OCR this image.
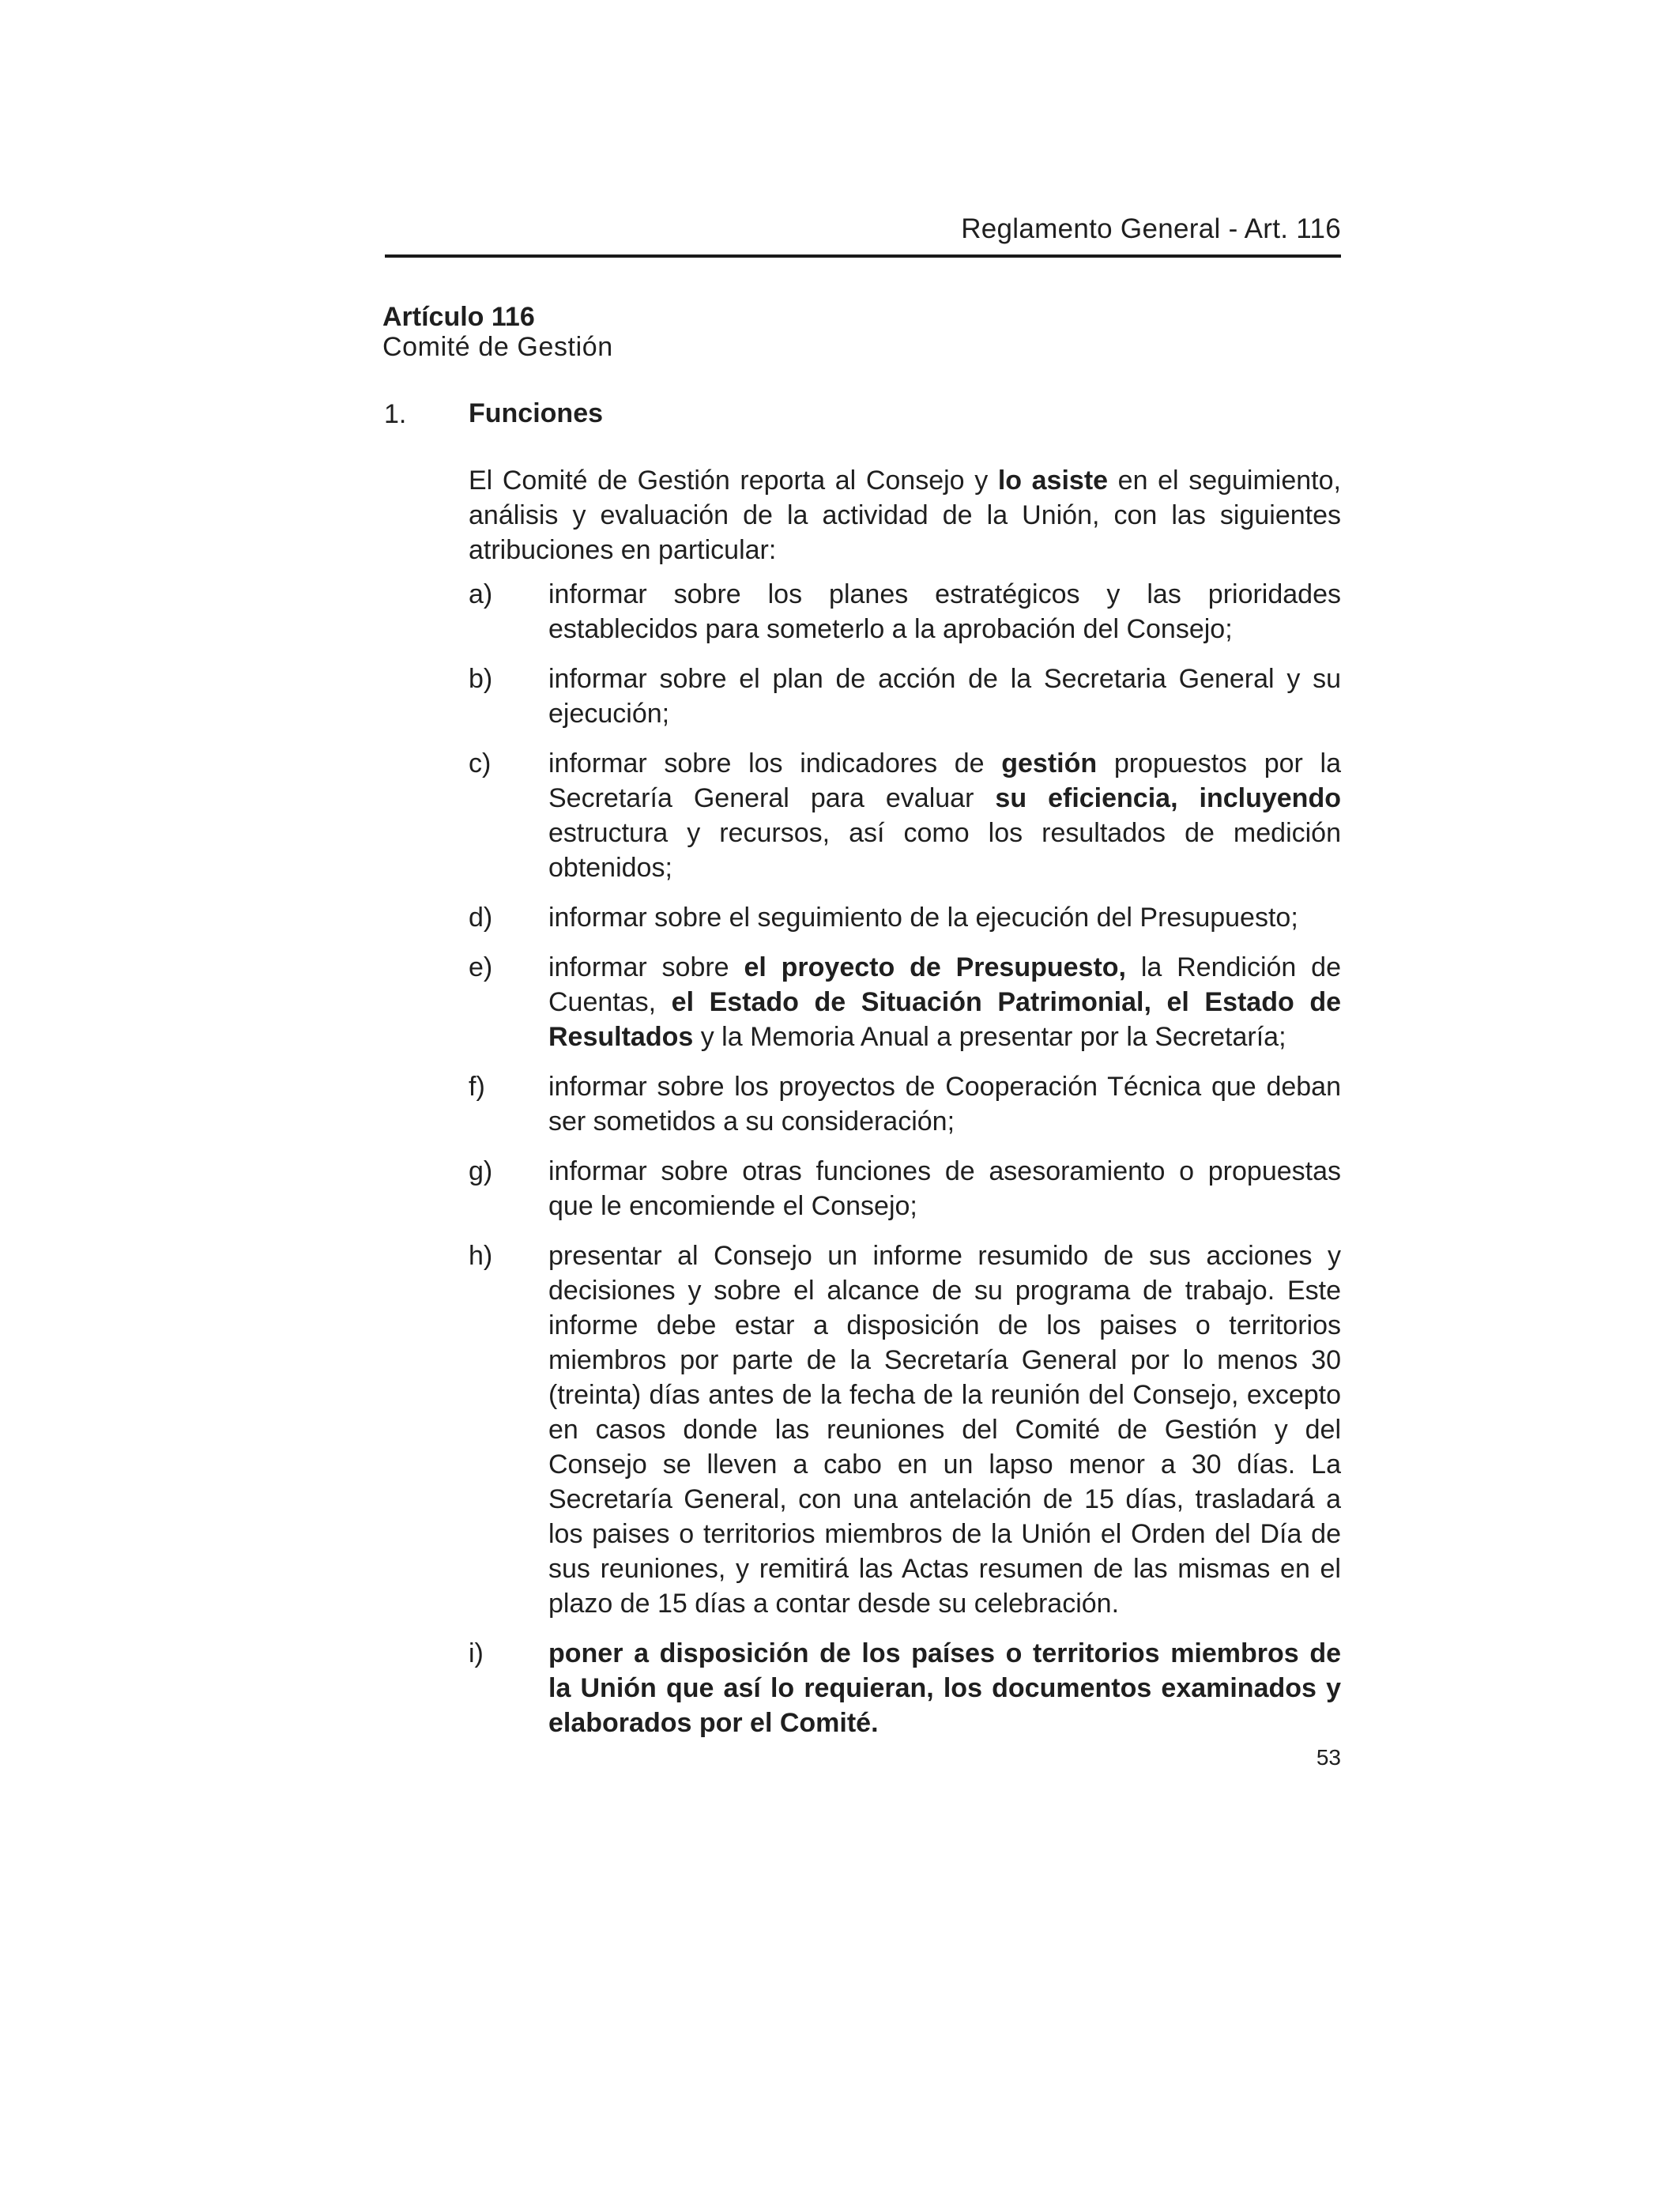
Reglamento General - Art. 116
Artículo 116
Comité de Gestión
1. Funciones

El Comité de Gestión reporta al Consejo y lo asiste en el seguimiento, análisis y evaluación de la actividad de la Unión, con las siguientes atribuciones en particular:

a) informar sobre los planes estratégicos y las prioridades establecidos para someterlo a la aprobación del Consejo;
b) informar sobre el plan de acción de la Secretaria General y su ejecución;
c) informar sobre los indicadores de gestión propuestos por la Secretaría General para evaluar su eficiencia, incluyendo estructura y recursos, así como los resultados de medición obtenidos;
d) informar sobre el seguimiento de la ejecución del Presupuesto;
e) informar sobre el proyecto de Presupuesto, la Rendición de Cuentas, el Estado de Situación Patrimonial, el Estado de Resultados y la Memoria Anual a presentar por la Secretaría;
f) informar sobre los proyectos de Cooperación Técnica que deban ser sometidos a su consideración;
g) informar sobre otras funciones de asesoramiento o propuestas que le encomiende el Consejo;
h) presentar al Consejo un informe resumido de sus acciones y decisiones y sobre el alcance de su programa de trabajo. Este informe debe estar a disposición de los paises o territorios miembros por parte de la Secretaría General por lo menos 30 (treinta) días antes de la fecha de la reunión del Consejo, excepto en casos donde las reuniones del Comité de Gestión y del Consejo se lleven a cabo en un lapso menor a 30 días. La Secretaría General, con una antelación de 15 días, trasladará a los paises o territorios miembros de la Unión el Orden del Día de sus reuniones, y remitirá las Actas resumen de las mismas en el plazo de 15 días a contar desde su celebración.
i) poner a disposición de los países o territorios miembros de la Unión que así lo requieran, los documentos examinados y elaborados por el Comité.
53
